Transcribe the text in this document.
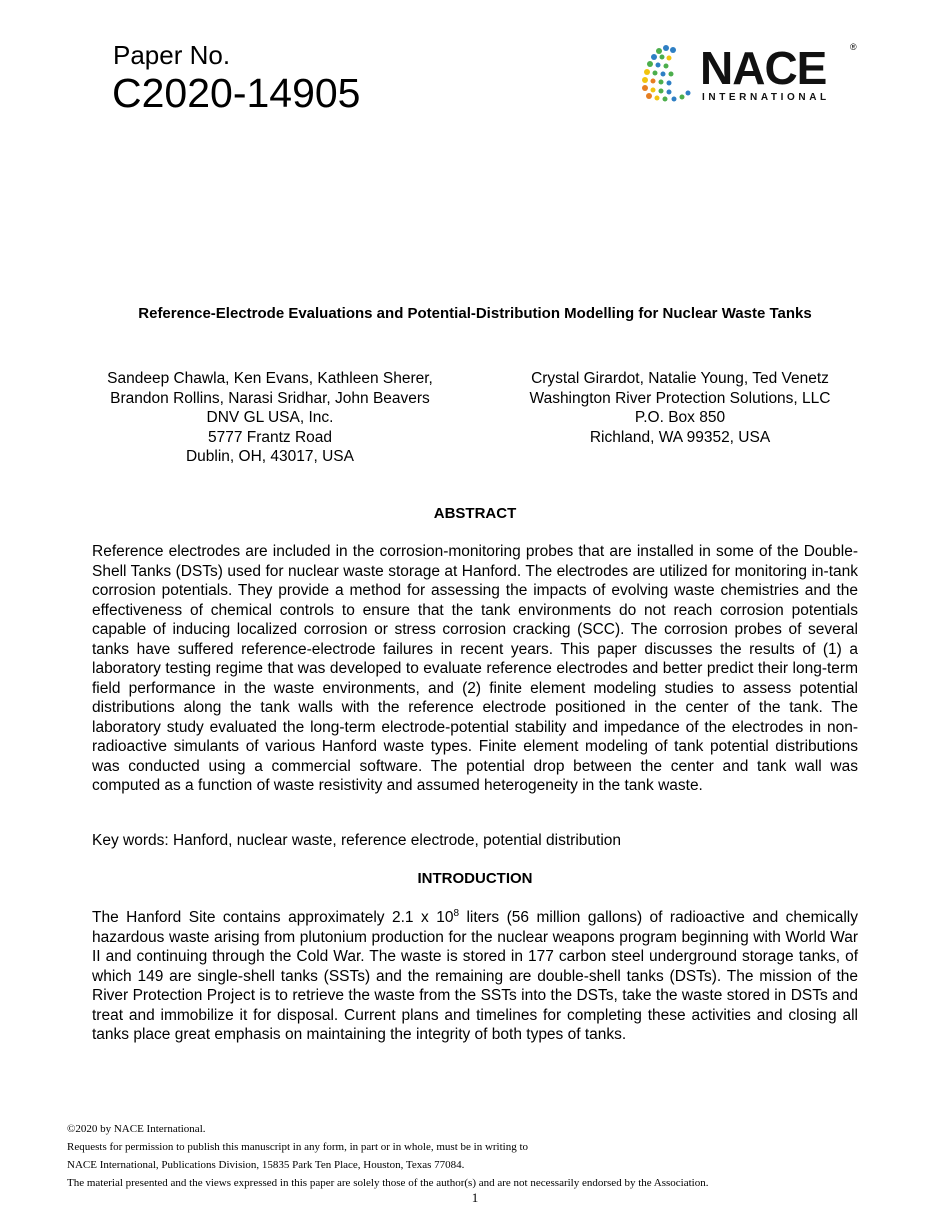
Paper No.
C2020-14905	NACE	®
INTERNATIONAL
Reference-Electrode Evaluations and Potential-Distribution Modelling for Nuclear Waste Tanks
Sandeep Chawla, Ken Evans, Kathleen Sherer,
Brandon Rollins, Narasi Sridhar, John Beavers
DNV GL USA, Inc.
5777 Frantz Road
Dublin, OH, 43017, USA
Crystal Girardot, Natalie Young, Ted Venetz
Washington River Protection Solutions, LLC
P.O. Box 850
Richland, WA 99352, USA
ABSTRACT
Reference electrodes are included in the corrosion-monitoring probes that are installed in some of the Double-Shell Tanks (DSTs) used for nuclear waste storage at Hanford. The electrodes are utilized for monitoring in-tank corrosion potentials. They provide a method for assessing the impacts of evolving waste chemistries and the effectiveness of chemical controls to ensure that the tank environments do not reach corrosion potentials capable of inducing localized corrosion or stress corrosion cracking (SCC). The corrosion probes of several tanks have suffered reference-electrode failures in recent years. This paper discusses the results of (1) a laboratory testing regime that was developed to evaluate reference electrodes and better predict their long-term field performance in the waste environments, and (2) finite element modeling studies to assess potential distributions along the tank walls with the reference electrode positioned in the center of the tank. The laboratory study evaluated the long-term electrode-potential stability and impedance of the electrodes in non-radioactive simulants of various Hanford waste types. Finite element modeling of tank potential distributions was conducted using a commercial software. The potential drop between the center and tank wall was computed as a function of waste resistivity and assumed heterogeneity in the tank waste.
Key words: Hanford, nuclear waste, reference electrode, potential distribution
INTRODUCTION
The Hanford Site contains approximately 2.1 x $10^8$ liters (56 million gallons) of radioactive and chemically hazardous waste arising from plutonium production for the nuclear weapons program beginning with World War II and continuing through the Cold War. The waste is stored in 177 carbon steel underground storage tanks, of which 149 are single-shell tanks (SSTs) and the remaining are double-shell tanks (DSTs). The mission of the River Protection Project is to retrieve the waste from the SSTs into the DSTs, take the waste stored in DSTs and treat and immobilize it for disposal. Current plans and timelines for completing these activities and closing all tanks place great emphasis on maintaining the integrity of both types of tanks.
©2020 by NACE International.
Requests for permission to publish this manuscript in any form, in part or in whole, must be in writing to
NACE International, Publications Division, 15835 Park Ten Place, Houston, Texas 77084.
The material presented and the views expressed in this paper are solely those of the author(s) and are not necessarily endorsed by the Association.
1
